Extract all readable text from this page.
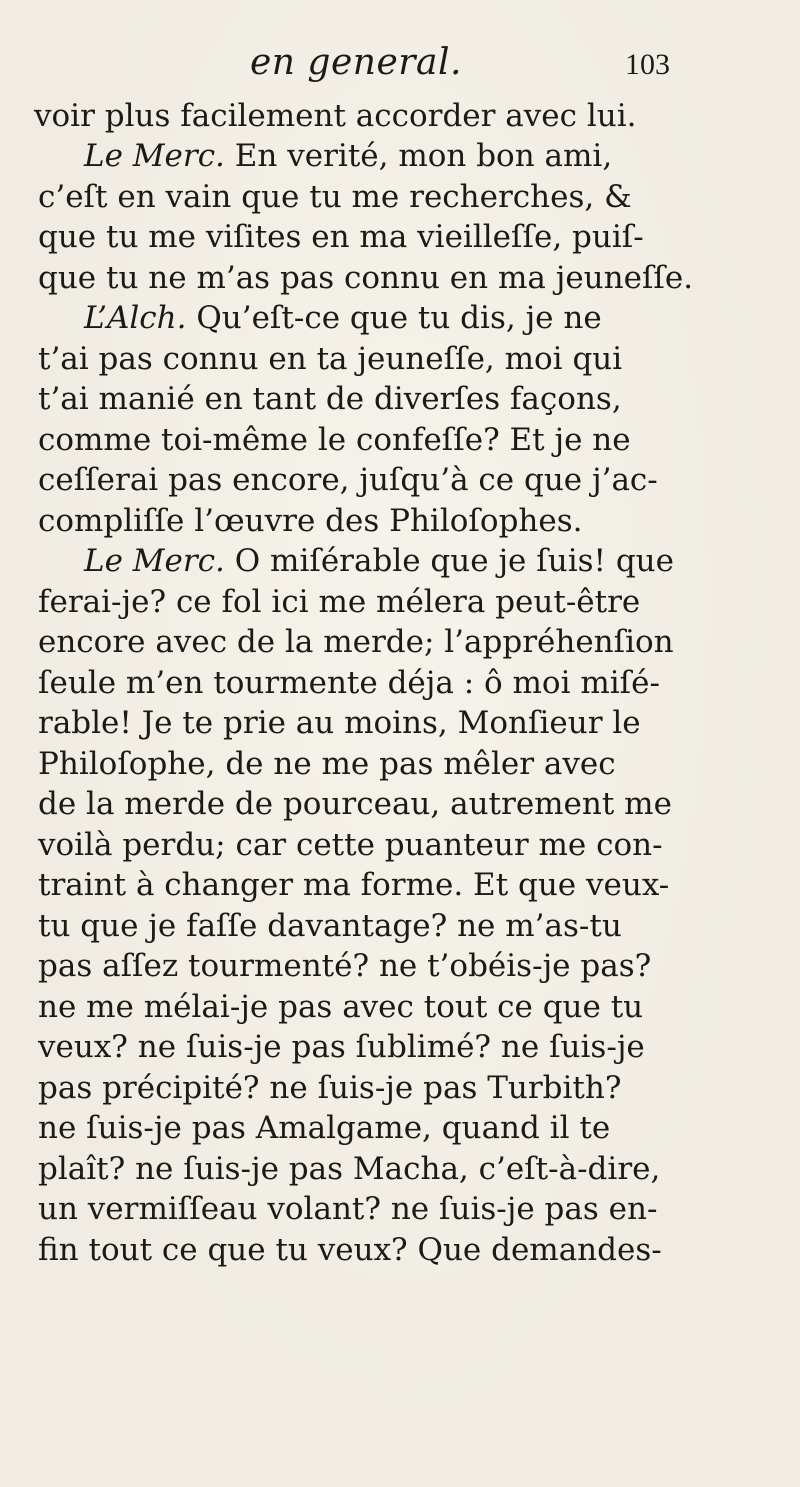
en general.	103
voir plus facilement accorder avec lui.
Le Merc. En verité, mon bon ami,
c’eſt en vain que tu me recherches, &
que tu me viſites en ma vieilleſſe, puiſ-
que tu ne m’as pas connu en ma jeuneſſe.
L’Alch. Qu’eſt-ce que tu dis, je ne
t’ai pas connu en ta jeuneſſe, moi qui
t’ai manié en tant de diverſes façons,
comme toi-même le confeſſe? Et je ne
ceſſerai pas encore, juſqu’à ce que j’ac-
compliſſe l’œuvre des Philoſophes.
Le Merc. O miſérable que je ſuis! que
ferai-je? ce fol ici me mélera peut-être
encore avec de la merde; l’appréhenſion
ſeule m’en tourmente déja : ô moi miſé-
rable! Je te prie au moins, Monſieur le
Philoſophe, de ne me pas mêler avec
de la merde de pourceau, autrement me
voilà perdu; car cette puanteur me con-
traint à changer ma forme. Et que veux-
tu que je faſſe davantage? ne m’as-tu
pas aſſez tourmenté? ne t’obéis-je pas?
ne me mélai-je pas avec tout ce que tu
veux? ne ſuis-je pas ſublimé? ne ſuis-je
pas précipité? ne ſuis-je pas Turbith?
ne ſuis-je pas Amalgame, quand il te
plaît? ne ſuis-je pas Macha, c’eſt-à-dire,
un vermiſſeau volant? ne ſuis-je pas en-
fin tout ce que tu veux? Que demandes-
